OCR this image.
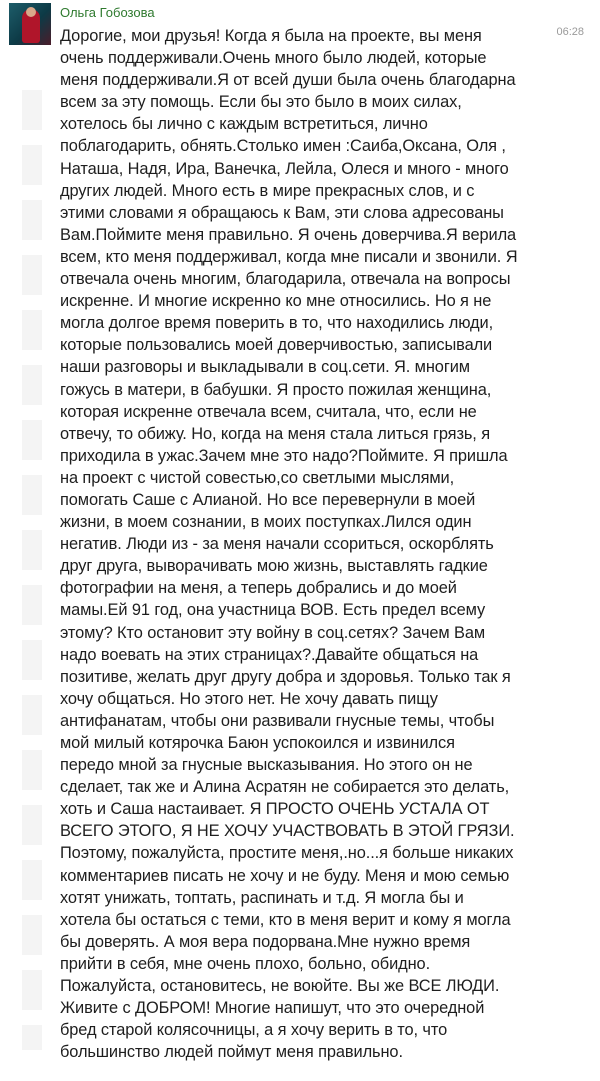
Ольга Гобозова
06:28
Дорогие, мои друзья! Когда я была на проекте, вы меня
очень поддерживали.Очень много было людей, которые
меня поддерживали.Я от всей души была очень благодарна
всем за эту помощь. Если бы это было в моих силах,
хотелось бы лично с каждым встретиться, лично
поблагодарить, обнять.Столько имен :Саиба,Оксана, Оля ,
Наташа, Надя, Ира, Ванечка, Лейла, Олеся и много - много
других людей. Много есть в мире прекрасных слов, и с
этими словами я обращаюсь к Вам, эти слова адресованы
Вам.Поймите меня правильно. Я очень доверчива.Я верила
всем, кто меня поддерживал, когда мне писали и звонили. Я
отвечала очень многим, благодарила, отвечала на вопросы
искренне. И многие искренно ко мне относились. Но я не
могла долгое время поверить в то, что находились люди,
которые пользовались моей доверчивостью, записывали
наши разговоры и выкладывали в соц.сети. Я. многим
гожусь в матери, в бабушки. Я просто пожилая женщина,
которая искренне отвечала всем, считала, что, если не
отвечу, то обижу. Но, когда на меня стала литься грязь, я
приходила в ужас.Зачем мне это надо?Поймите. Я пришла
на проект с чистой совестью,со светлыми мыслями,
помогать Саше с Алианой. Но все перевернули в моей
жизни, в моем сознании, в моих поступках.Лился один
негатив. Люди из - за меня начали ссориться, оскорблять
друг друга, выворачивать мою жизнь, выставлять гадкие
фотографии на меня, а теперь добрались и до моей
мамы.Ей 91 год, она участница ВОВ. Есть предел всему
этому? Кто остановит эту войну в соц.сетях? Зачем Вам
надо воевать на этих страницах?.Давайте общаться на
позитиве, желать друг другу добра и здоровья. Только так я
хочу общаться. Но этого нет. Не хочу давать пищу
антифанатам, чтобы они развивали гнусные темы, чтобы
мой милый котярочка Баюн успокоился и извинился
передо мной за гнусные высказывания. Но этого он не
сделает, так же и Алина Асратян не собирается это делать,
хоть и Саша настаивает. Я ПРОСТО ОЧЕНЬ УСТАЛА ОТ
ВСЕГО ЭТОГО, Я НЕ ХОЧУ УЧАСТВОВАТЬ В ЭТОЙ ГРЯЗИ.
Поэтому, пожалуйста, простите меня,.но...я больше никаких
комментариев писать не хочу и не буду. Меня и мою семью
хотят унижать, топтать, распинать и т.д. Я могла бы и
хотела бы остаться с теми, кто в меня верит и кому я могла
бы доверять. А моя вера подорвана.Мне нужно время
прийти в себя, мне очень плохо, больно, обидно.
Пожалуйста, остановитесь, не воюйте. Вы же ВСЕ ЛЮДИ.
Живите с ДОБРОМ! Многие напишут, что это очередной
бред старой колясочницы, а я хочу верить в то, что
большинство людей поймут меня правильно.
